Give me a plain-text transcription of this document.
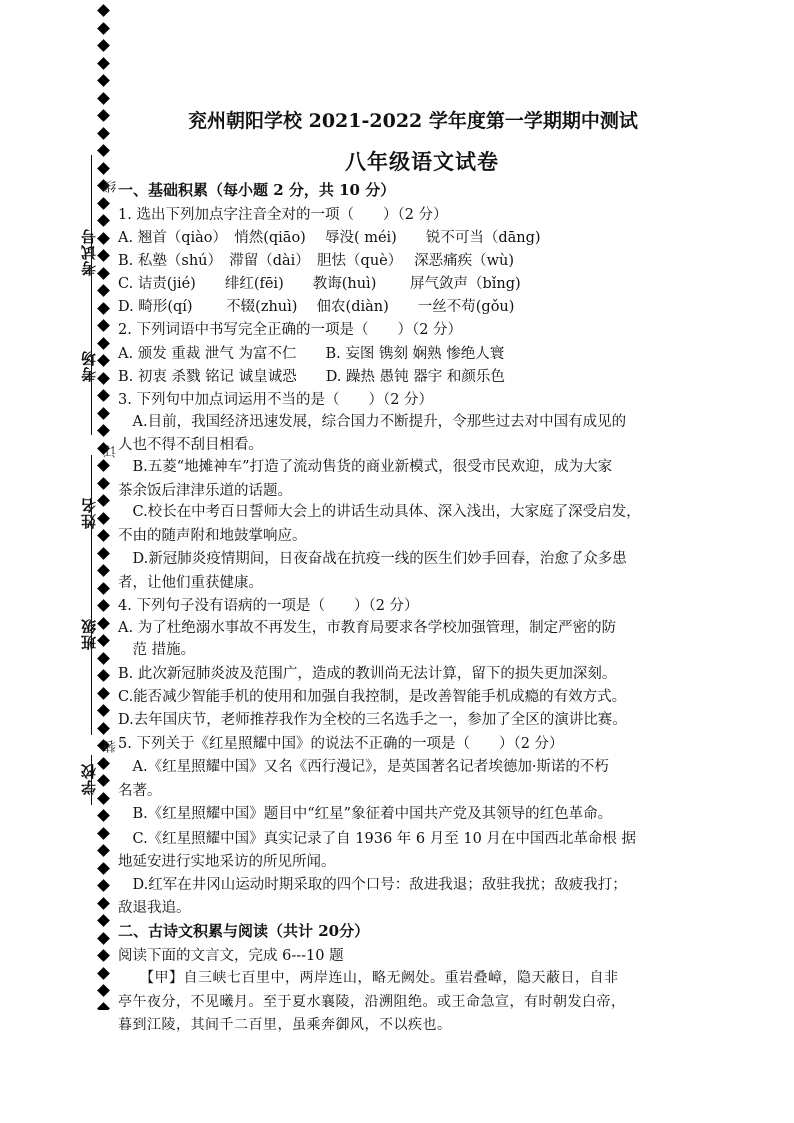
考试号
考场
姓名
班级
学校
线
订
装
兖州朝阳学校 2021-2022 学年度第一学期期中测试
八年级语文试卷
一、基础积累（每小题 2 分，共 10 分）
1. 选出下列加点字注音全对的一项（　　）（2 分）
A. 翘首（qiào）　悄然(qiāo)　 辱没( méi)　　锐不可当（dāng)
B. 私塾（shú）　滞留（dài）　胆怯（què）　 深恶痛疾（wù)
C. 诘责(jié)　　绯红(fēi)　　教诲(huì)　　 屏气敛声（bǐng)
D. 畸形(qí)　　 不辍(zhuì)　 佃农(diàn)　　一丝不苟(gǒu)
2. 下列词语中书写完全正确的一项是（　　）（2 分）
A. 颁发 重裁 泄气 为富不仁　　B. 妄图 镌刻 娴熟 惨绝人寰
B. 初衷 杀戮 铭记 诚皇诚恐　　D. 躁热 愚钝 器宇 和颜乐色
3. 下列句中加点词运用不当的是（　　）（2 分）
　A.目前，我国经济迅速发展，综合国力不断提升，令那些过去对中国有成见的
人也不得不刮目相看。
　B.五菱“地摊神车”打造了流动售货的商业新模式，很受市民欢迎，成为大家
茶余饭后津津乐道的话题。
　C.校长在中考百日誓师大会上的讲话生动具体、深入浅出，大家庭了深受启发，
不由的随声附和地鼓掌响应。
　D.新冠肺炎疫情期间，日夜奋战在抗疫一线的医生们妙手回春，治愈了众多患
者，让他们重获健康。
4. 下列句子没有语病的一项是（　　）（2 分）
A. 为了杜绝溺水事故不再发生，市教育局要求各学校加强管理，制定严密的防
　范 措施。
B. 此次新冠肺炎波及范围广，造成的教训尚无法计算，留下的损失更加深刻。
C.能否减少智能手机的使用和加强自我控制，是改善智能手机成瘾的有效方式。
D.去年国庆节，老师推荐我作为全校的三名选手之一，参加了全区的演讲比赛。
5. 下列关于《红星照耀中国》的说法不正确的一项是（　　）（2 分）
　A.《红星照耀中国》又名《西行漫记》，是英国著名记者埃德加·斯诺的不朽
名著。
　B.《红星照耀中国》题目中“红星”象征着中国共产党及其领导的红色革命。
　C.《红星照耀中国》真实记录了自 1936 年 6 月至 10 月在中国西北革命根 据
地延安进行实地采访的所见所闻。
　D.红军在井冈山运动时期采取的四个口号：敌进我退；敌驻我扰；敌疲我打；
敌退我追。
二、古诗文积累与阅读（共计 20分）
阅读下面的文言文，完成 6---10 题
　　【甲】自三峡七百里中，两岸连山，略无阙处。重岩叠嶂，隐天蔽日，自非
亭午夜分，不见曦月。至于夏水襄陵，沿溯阻绝。或王命急宣，有时朝发白帝，
暮到江陵，其间千二百里，虽乘奔御风，不以疾也。
